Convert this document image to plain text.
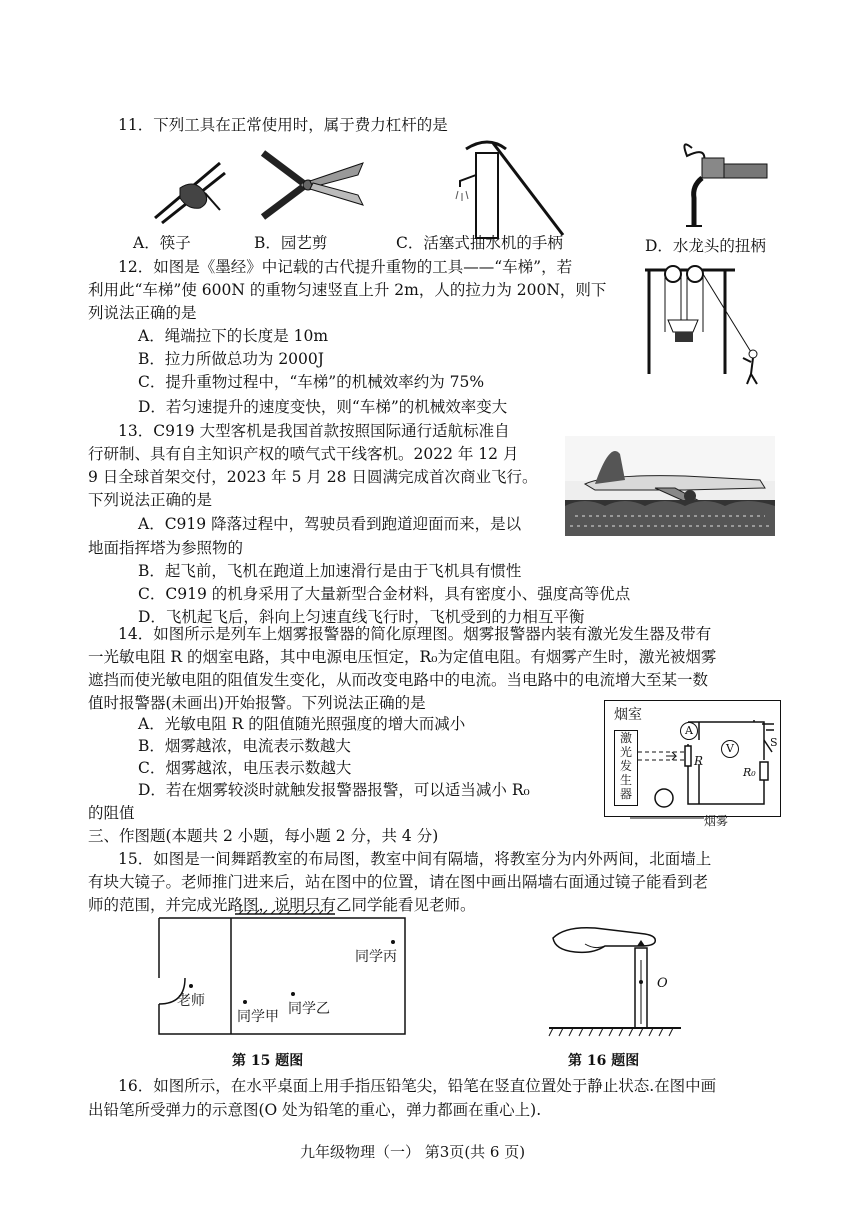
11．下列工具在正常使用时，属于费力杠杆的是
A．筷子	B．园艺剪	C．活塞式抽水机的手柄	D．水龙头的扭柄
12．如图是《墨经》中记载的古代提升重物的工具——“车梯”，若
利用此“车梯”使 600N 的重物匀速竖直上升 2m，人的拉力为 200N，则下
列说法正确的是
A．绳端拉下的长度是 10m
B．拉力所做总功为 2000J
C．提升重物过程中，“车梯”的机械效率约为 75%
D．若匀速提升的速度变快，则“车梯”的机械效率变大
13．C919 大型客机是我国首款按照国际通行适航标准自
行研制、具有自主知识产权的喷气式干线客机。2022 年 12 月
9 日全球首架交付，2023 年 5 月 28 日圆满完成首次商业飞行。
下列说法正确的是
A．C919 降落过程中，驾驶员看到跑道迎面而来，是以
地面指挥塔为参照物的
B．起飞前，飞机在跑道上加速滑行是由于飞机具有惯性
C．C919 的机身采用了大量新型合金材料，具有密度小、强度高等优点
D．飞机起飞后，斜向上匀速直线飞行时，飞机受到的力相互平衡
14．如图所示是列车上烟雾报警器的简化原理图。烟雾报警器内装有激光发生器及带有
一光敏电阻 R 的烟室电路，其中电源电压恒定，R₀为定值电阻。有烟雾产生时，激光被烟雾
遮挡而使光敏电阻的阻值发生变化，从而改变电路中的电流。当电路中的电流增大至某一数
值时报警器(未画出)开始报警。下列说法正确的是
A．光敏电阻 R 的阻值随光照强度的增大而减小
B．烟雾越浓，电流表示数越大
C．烟雾越浓，电压表示数越大
D．若在烟雾较淡时就触发报警器报警，可以适当减小 R₀
的阻值
烟室
激
光
发
生
器
A
V
R
R₀
S
烟雾
三、作图题(本题共 2 小题，每小题 2 分，共 4 分)
15．如图是一间舞蹈教室的布局图，教室中间有隔墙，将教室分为内外两间，北面墙上
有块大镜子。老师推门进来后，站在图中的位置，请在图中画出隔墙右面通过镜子能看到老
师的范围，并完成光路图，说明只有乙同学能看见老师。
老师
同学甲 同学乙
同学丙
第 15 题图
O
第 16 题图
16．如图所示，在水平桌面上用手指压铅笔尖，铅笔在竖直位置处于静止状态.在图中画
出铅笔所受弹力的示意图(O 处为铅笔的重心，弹力都画在重心上).
九年级物理（一） 第3页(共 6 页)
